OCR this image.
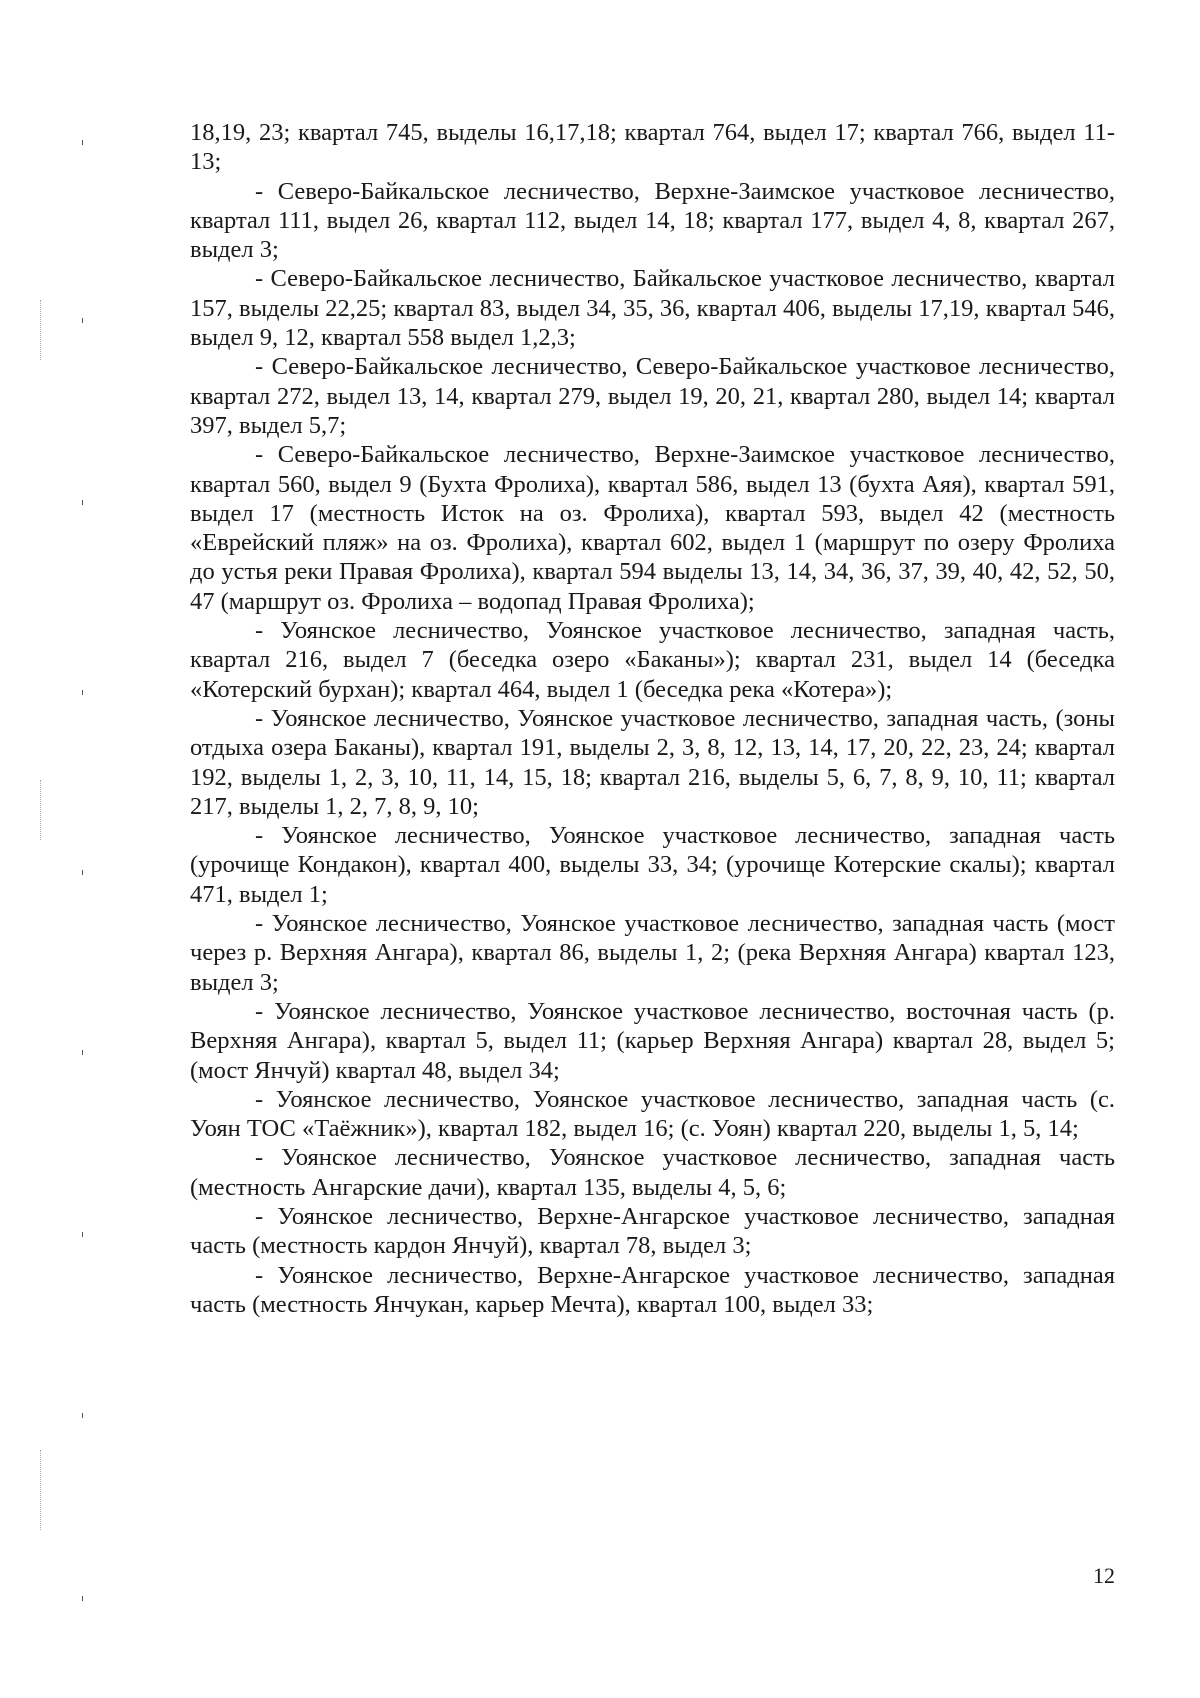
18,19, 23; квартал 745, выделы 16,17,18; квартал 764, выдел 17; квартал 766, выдел 11-13;

- Северо-Байкальское лесничество, Верхне-Заимское участковое лесничество, квартал 111, выдел 26, квартал 112, выдел 14, 18; квартал 177, выдел 4, 8, квартал 267, выдел 3;

- Северо-Байкальское лесничество, Байкальское участковое лесничество, квартал 157, выделы 22,25; квартал 83, выдел 34, 35, 36, квартал 406, выделы 17,19, квартал 546, выдел 9, 12, квартал 558 выдел 1,2,3;

- Северо-Байкальское лесничество, Северо-Байкальское участковое лесничество, квартал 272, выдел 13, 14, квартал 279, выдел 19, 20, 21, квартал 280, выдел 14; квартал 397, выдел 5,7;

- Северо-Байкальское лесничество, Верхне-Заимское участковое лесничество, квартал 560, выдел 9 (Бухта Фролиха), квартал 586, выдел 13 (бухта Аяя), квартал 591, выдел 17 (местность Исток на оз. Фролиха), квартал 593, выдел 42 (местность «Еврейский пляж» на оз. Фролиха), квартал 602, выдел 1 (маршрут по озеру Фролиха до устья реки Правая Фролиха), квартал 594 выделы 13, 14, 34, 36, 37, 39, 40, 42, 52, 50, 47 (маршрут оз. Фролиха – водопад Правая Фролиха);

- Уоянское лесничество, Уоянское участковое лесничество, западная часть, квартал 216, выдел 7 (беседка озеро «Баканы»); квартал 231, выдел 14 (беседка «Котерский бурхан); квартал 464, выдел 1 (беседка река «Котера»);

- Уоянское лесничество, Уоянское участковое лесничество, западная часть, (зоны отдыха озера Баканы), квартал 191, выделы 2, 3, 8, 12, 13, 14, 17, 20, 22, 23, 24; квартал 192, выделы 1, 2, 3, 10, 11, 14, 15, 18; квартал 216, выделы 5, 6, 7, 8, 9, 10, 11; квартал 217, выделы 1, 2, 7, 8, 9, 10;

- Уоянское лесничество, Уоянское участковое лесничество, западная часть (урочище Кондакон), квартал 400, выделы 33, 34; (урочище Котерские скалы); квартал 471, выдел 1;

- Уоянское лесничество, Уоянское участковое лесничество, западная часть (мост через р. Верхняя Ангара), квартал 86, выделы 1, 2; (река Верхняя Ангара) квартал 123, выдел 3;

- Уоянское лесничество, Уоянское участковое лесничество, восточная часть (р. Верхняя Ангара), квартал 5, выдел 11; (карьер Верхняя Ангара) квартал 28, выдел 5; (мост Янчуй) квартал 48, выдел 34;

- Уоянское лесничество, Уоянское участковое лесничество, западная часть (с. Уоян ТОС «Таёжник»), квартал 182, выдел 16; (с. Уоян) квартал 220, выделы 1, 5, 14;

- Уоянское лесничество, Уоянское участковое лесничество, западная часть (местность Ангарские дачи), квартал 135, выделы 4, 5, 6;

- Уоянское лесничество, Верхне-Ангарское участковое лесничество, западная часть (местность кардон Янчуй), квартал 78, выдел 3;

- Уоянское лесничество, Верхне-Ангарское участковое лесничество, западная часть (местность Янчукан, карьер Мечта), квартал 100, выдел 33;

12
